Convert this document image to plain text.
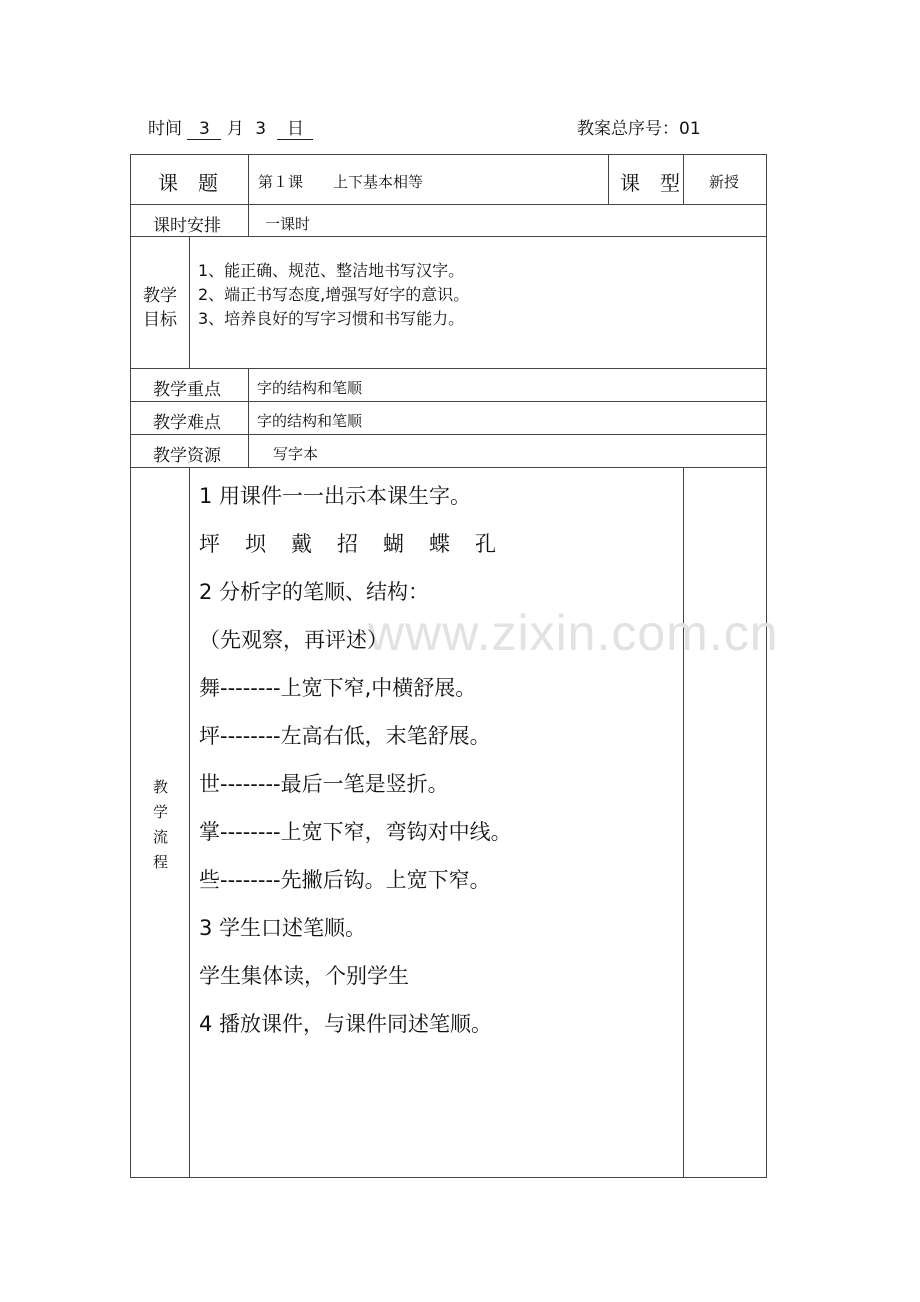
时间 3 月 3 日	教案总序号：01
课　题	第１课　　上下基本相等	课　型 新授
课时安排	一课时
教学
目标
1、能正确、规范、整洁地书写汉字。
2、端正书写态度,增强写好字的意识。
3、培养良好的写字习惯和书写能力。
教学重点 字的结构和笔顺
教学难点 字的结构和笔顺
教学资源	写字本
www.zixin.com.cn
教
学
流
程
1 用课件一一出示本课生字。
坪　坝　戴　招　蝴　蝶　孔
2 分析字的笔顺、结构：
（先观察，再评述）
舞--------上宽下窄,中横舒展。
坪--------左高右低，末笔舒展。
世--------最后一笔是竖折。
掌--------上宽下窄，弯钩对中线。
些--------先撇后钩。上宽下窄。
3 学生口述笔顺。
学生集体读，个别学生
4 播放课件，与课件同述笔顺。
